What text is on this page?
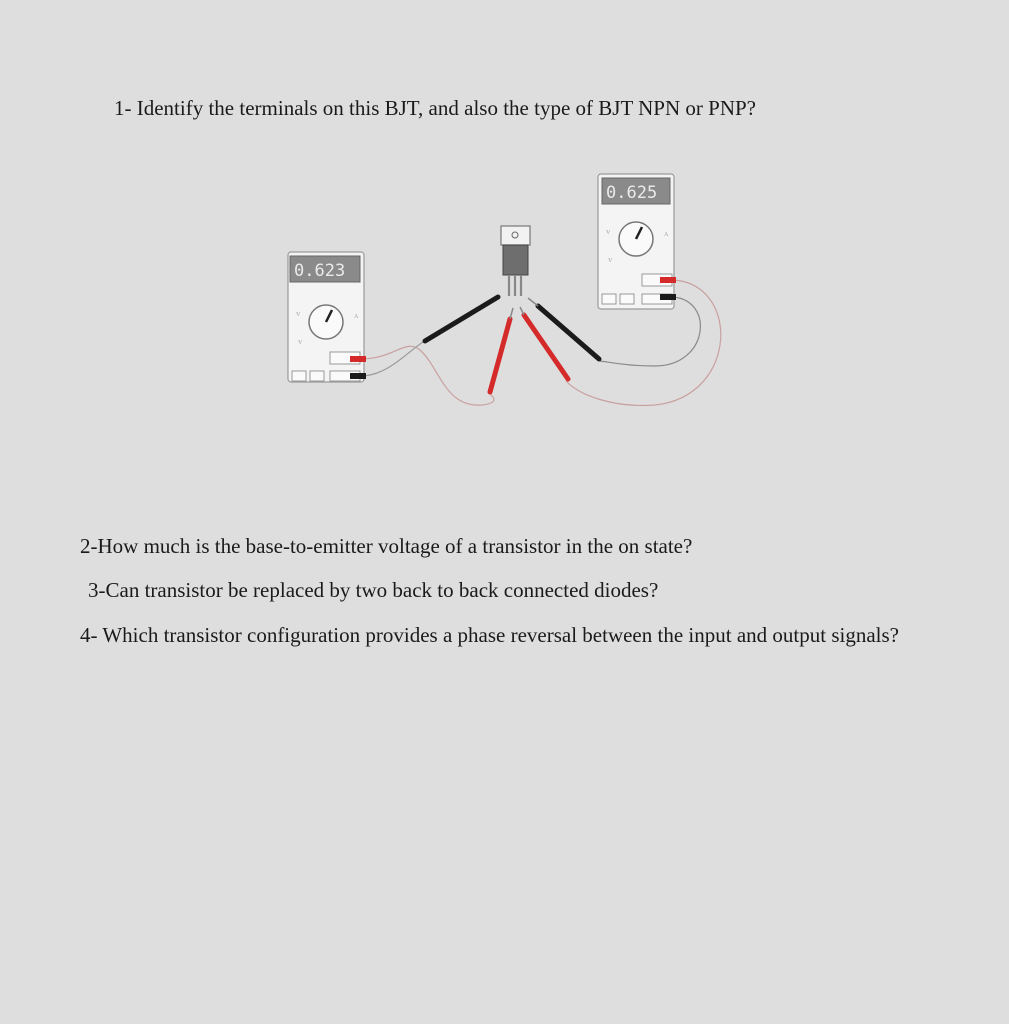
1- Identify the terminals on this BJT, and also the type of BJT NPN or PNP?

0.623
V
V
A
0.625
V
V
A

2-How much is the base-to-emitter voltage of a transistor in the on state?

3-Can transistor be replaced by two back to back connected diodes?

4- Which transistor configuration provides a phase reversal between the input and output signals?
